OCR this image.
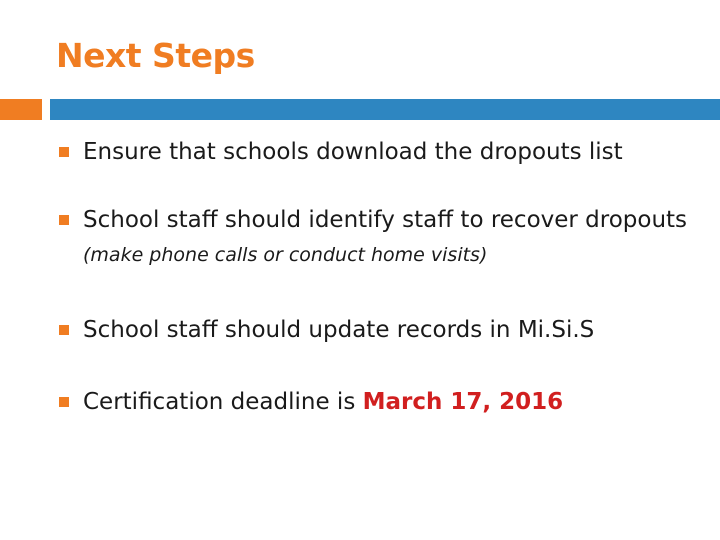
Next Steps
Ensure that schools download the dropouts list
School staff should identify staff to recover dropouts (make phone calls or conduct home visits)
School staff should update records in Mi.Si.S
Certification deadline is March 17, 2016
